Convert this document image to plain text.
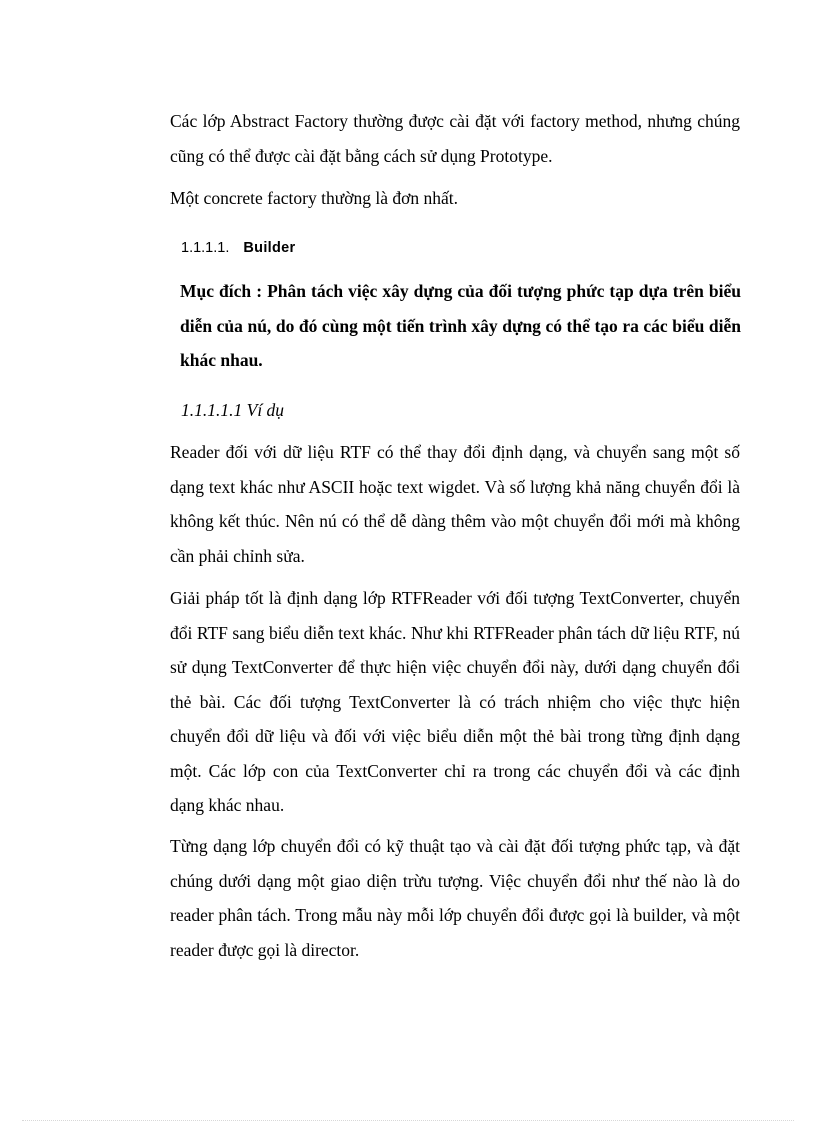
Các lớp Abstract Factory thường được cài đặt với factory method, nhưng chúng cũng có thể được cài đặt bằng cách sử dụng Prototype.

Một concrete factory thường là đơn nhất.

1.1.1.1. Builder

Mục đích : Phân tách việc xây dựng của đối tượng phức tạp dựa trên biểu diễn của nú, do đó cùng một tiến trình xây dựng có thể tạo ra các biểu diễn khác nhau.

1.1.1.1.1 Ví dụ

Reader đối với dữ liệu RTF có thể thay đổi định dạng, và chuyển sang một số dạng text khác như ASCII hoặc text wigdet. Và số lượng khả năng chuyển đổi là không kết thúc. Nên nú có thể dễ dàng thêm vào một chuyển đổi mới mà không cần phải chỉnh sửa.

Giải pháp tốt là định dạng lớp RTFReader với đối tượng TextConverter, chuyển đổi RTF sang biểu diễn text khác. Như khi RTFReader phân tách dữ liệu RTF, nú sử dụng TextConverter để thực hiện việc chuyển đổi này, dưới dạng chuyển đổi thẻ bài. Các đối tượng TextConverter là có trách nhiệm cho việc thực hiện chuyển đổi dữ liệu và đối với việc biểu diễn một thẻ bài trong từng định dạng một. Các lớp con của TextConverter chỉ ra trong các chuyển đổi và các định dạng khác nhau.

Từng dạng lớp chuyển đổi có kỹ thuật tạo và cài đặt đối tượng phức tạp, và đặt chúng dưới dạng một giao diện trừu tượng. Việc chuyển đổi như thế nào là do reader phân tách. Trong mẫu này mỗi lớp chuyển đổi được gọi là builder, và một reader được gọi là director.
